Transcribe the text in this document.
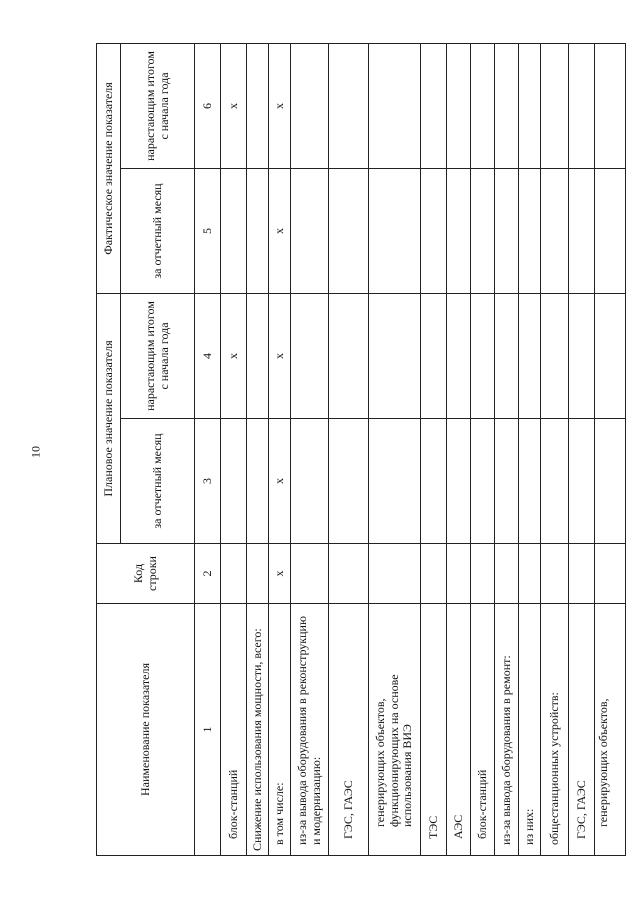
10
Наименование показателя	Код строки	Плановое значение показателя		Фактическое значение показателя	
		за отчетный месяц	нарастающим итогом с начала года	за отчетный месяц	нарастающим итогом с начала года
1	2	3	4	5	6
блок-станций			x		x
Снижение использования мощности, всего:					
в том числе:	x	x	x	x	x
из-за вывода оборудования в реконструкцию и модернизацию:					
ГЭС, ГАЭС					
генерирующих объектов, функционирующих на основе использования ВИЭ					
ТЭС					
АЭС					
блок-станций					
из-за вывода оборудования в ремонт:					
из них:					
общестанционных устройств:					
ГЭС, ГАЭС					
генерирующих объектов,					
